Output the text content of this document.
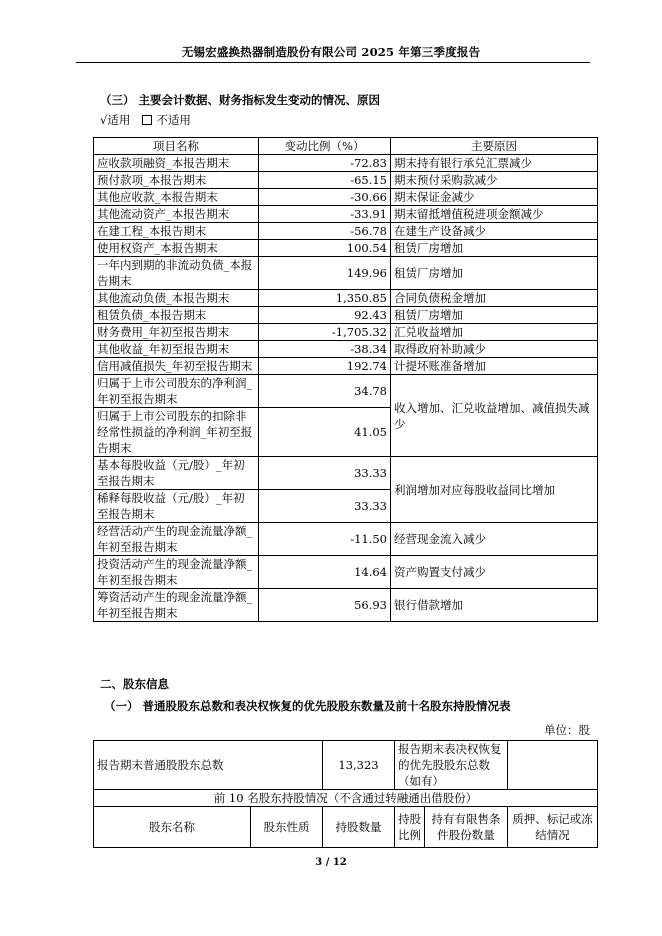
无锡宏盛换热器制造股份有限公司 2025 年第三季度报告
（三） 主要会计数据、财务指标发生变动的情况、原因
√适用 不适用
项目名称	变动比例（%）	主要原因
应收款项融资_本报告期末	-72.83	期末持有银行承兑汇票减少
预付款项_本报告期末	-65.15	期末预付采购款减少
其他应收款_本报告期末	-30.66	期末保证金减少
其他流动资产_本报告期末	-33.91	期末留抵增值税进项金额减少
在建工程_本报告期末	-56.78	在建生产设备减少
使用权资产_本报告期末	100.54	租赁厂房增加
一年内到期的非流动负债_本报告期末	149.96	租赁厂房增加
其他流动负债_本报告期末	1,350.85	合同负债税金增加
租赁负债_本报告期末	92.43	租赁厂房增加
财务费用_年初至报告期末	-1,705.32	汇兑收益增加
其他收益_年初至报告期末	-38.34	取得政府补助减少
信用减值损失_年初至报告期末	192.74	计提坏账准备增加
归属于上市公司股东的净利润_年初至报告期末	34.78	收入增加、汇兑收益增加、减值损失减少
归属于上市公司股东的扣除非经常性损益的净利润_年初至报告期末	41.05	
基本每股收益（元/股）_年初至报告期末	33.33	利润增加对应每股收益同比增加
稀释每股收益（元/股）_年初至报告期末	33.33	
经营活动产生的现金流量净额_年初至报告期末	-11.50	经营现金流入减少
投资活动产生的现金流量净额_年初至报告期末	14.64	资产购置支付减少
筹资活动产生的现金流量净额_年初至报告期末	56.93	银行借款增加
二、股东信息
（一） 普通股股东总数和表决权恢复的优先股股东数量及前十名股东持股情况表
单位：股
报告期末普通股股东总数		13,323	报告期末表决权恢复的优先股股东总数（如有）		
前 10 名股东持股情况（不含通过转融通出借股份）					
股东名称	股东性质	持股数量	持股比例	持有有限售条件股份数量	质押、标记或冻结情况
3 / 12
